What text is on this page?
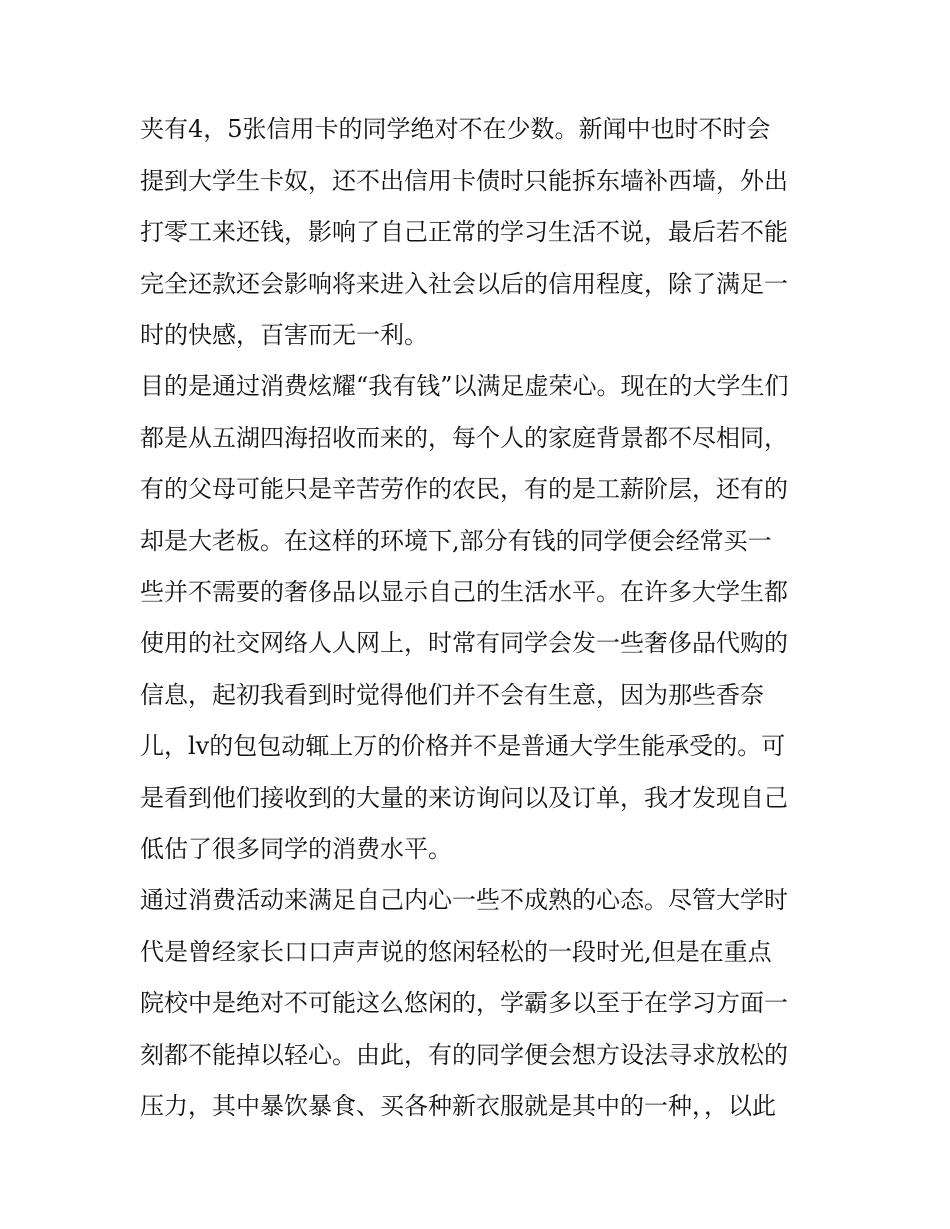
夹有4，5张信用卡的同学绝对不在少数。新闻中也时不时会
提到大学生卡奴，还不出信用卡债时只能拆东墙补西墙，外出
打零工来还钱，影响了自己正常的学习生活不说，最后若不能
完全还款还会影响将来进入社会以后的信用程度，除了满足一
时的快感，百害而无一利。
目的是通过消费炫耀“我有钱”以满足虚荣心。现在的大学生们
都是从五湖四海招收而来的，每个人的家庭背景都不尽相同，
有的父母可能只是辛苦劳作的农民，有的是工薪阶层，还有的
却是大老板。在这样的环境下,部分有钱的同学便会经常买一
些并不需要的奢侈品以显示自己的生活水平。在许多大学生都
使用的社交网络人人网上，时常有同学会发一些奢侈品代购的
信息，起初我看到时觉得他们并不会有生意，因为那些香奈
儿，lv的包包动辄上万的价格并不是普通大学生能承受的。可
是看到他们接收到的大量的来访询问以及订单，我才发现自己
低估了很多同学的消费水平。
通过消费活动来满足自己内心一些不成熟的心态。尽管大学时
代是曾经家长口口声声说的悠闲轻松的一段时光,但是在重点
院校中是绝对不可能这么悠闲的，学霸多以至于在学习方面一
刻都不能掉以轻心。由此，有的同学便会想方设法寻求放松的
压力，其中暴饮暴食、买各种新衣服就是其中的一种，，以此
